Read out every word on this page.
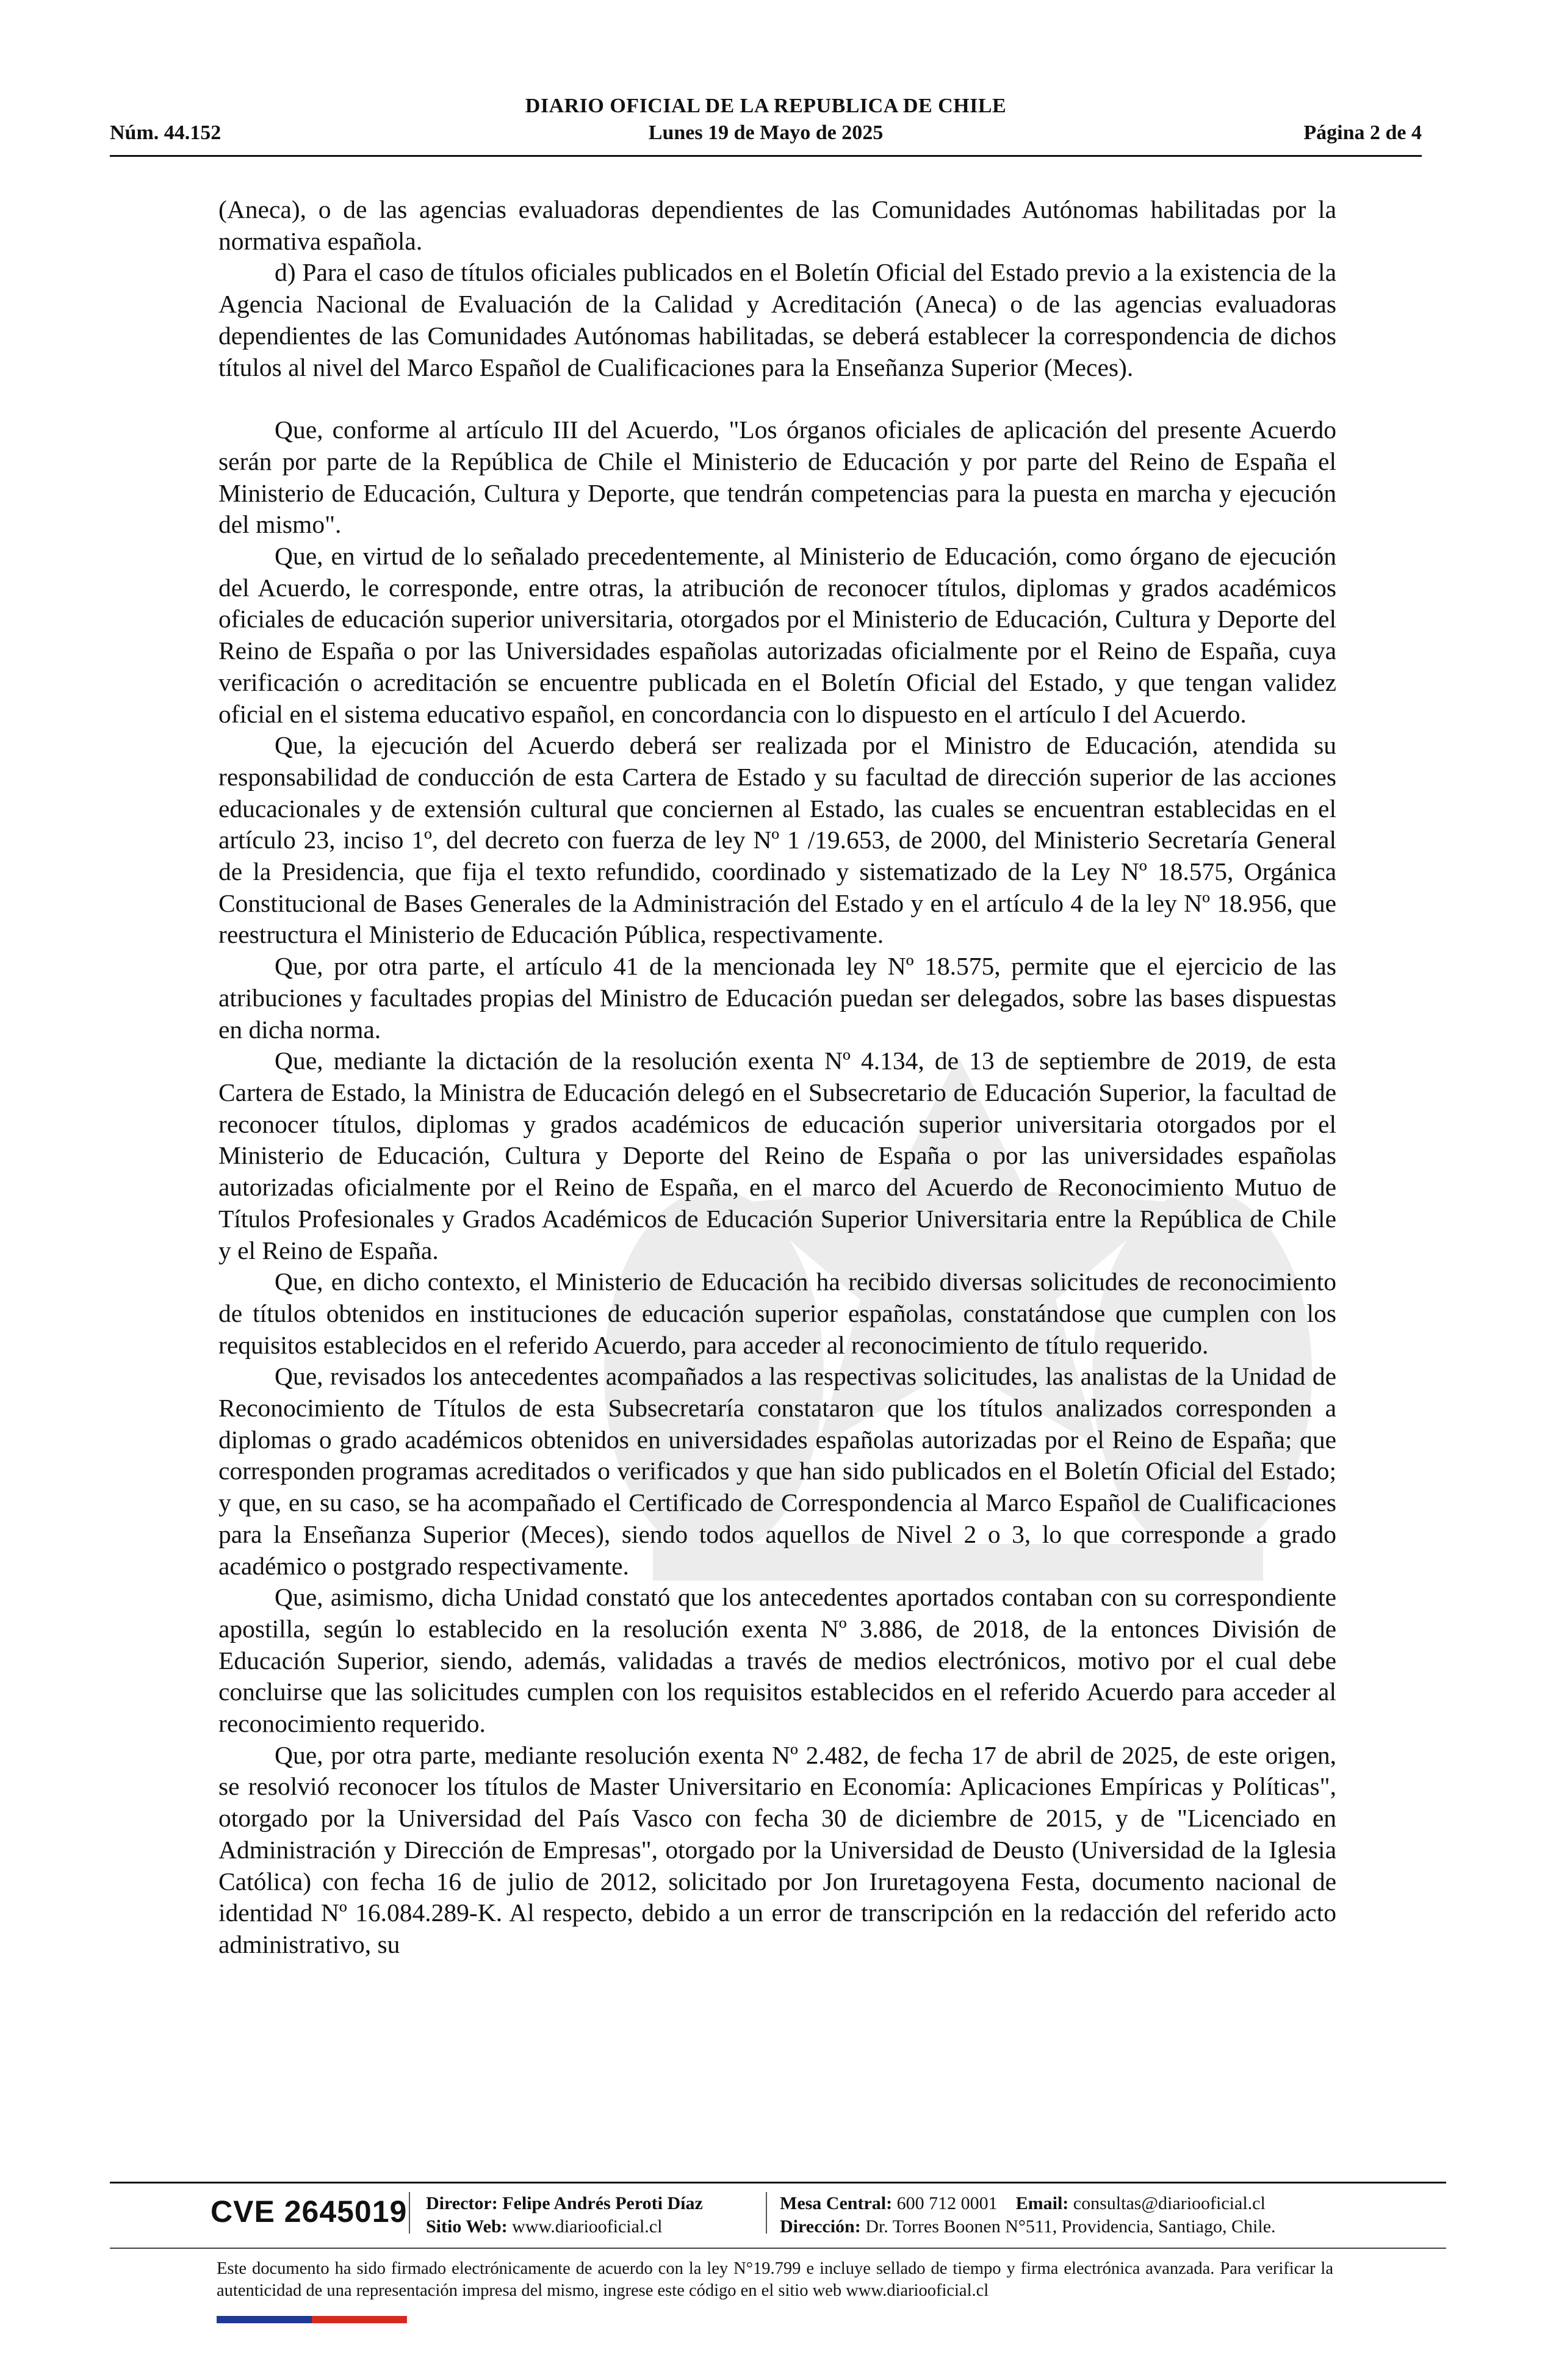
DIARIO OFICIAL DE LA REPUBLICA DE CHILE
Núm. 44.152	Lunes 19 de Mayo de 2025	Página 2 de 4

(Aneca), o de las agencias evaluadoras dependientes de las Comunidades Autónomas habilitadas por la normativa española.

d) Para el caso de títulos oficiales publicados en el Boletín Oficial del Estado previo a la existencia de la Agencia Nacional de Evaluación de la Calidad y Acreditación (Aneca) o de las agencias evaluadoras dependientes de las Comunidades Autónomas habilitadas, se deberá establecer la correspondencia de dichos títulos al nivel del Marco Español de Cualificaciones para la Enseñanza Superior (Meces).

Que, conforme al artículo III del Acuerdo, "Los órganos oficiales de aplicación del presente Acuerdo serán por parte de la República de Chile el Ministerio de Educación y por parte del Reino de España el Ministerio de Educación, Cultura y Deporte, que tendrán competencias para la puesta en marcha y ejecución del mismo".

Que, en virtud de lo señalado precedentemente, al Ministerio de Educación, como órgano de ejecución del Acuerdo, le corresponde, entre otras, la atribución de reconocer títulos, diplomas y grados académicos oficiales de educación superior universitaria, otorgados por el Ministerio de Educación, Cultura y Deporte del Reino de España o por las Universidades españolas autorizadas oficialmente por el Reino de España, cuya verificación o acreditación se encuentre publicada en el Boletín Oficial del Estado, y que tengan validez oficial en el sistema educativo español, en concordancia con lo dispuesto en el artículo I del Acuerdo.

Que, la ejecución del Acuerdo deberá ser realizada por el Ministro de Educación, atendida su responsabilidad de conducción de esta Cartera de Estado y su facultad de dirección superior de las acciones educacionales y de extensión cultural que conciernen al Estado, las cuales se encuentran establecidas en el artículo 23, inciso 1º, del decreto con fuerza de ley Nº 1 /19.653, de 2000, del Ministerio Secretaría General de la Presidencia, que fija el texto refundido, coordinado y sistematizado de la Ley Nº 18.575, Orgánica Constitucional de Bases Generales de la Administración del Estado y en el artículo 4 de la ley Nº 18.956, que reestructura el Ministerio de Educación Pública, respectivamente.

Que, por otra parte, el artículo 41 de la mencionada ley Nº 18.575, permite que el ejercicio de las atribuciones y facultades propias del Ministro de Educación puedan ser delegados, sobre las bases dispuestas en dicha norma.

Que, mediante la dictación de la resolución exenta Nº 4.134, de 13 de septiembre de 2019, de esta Cartera de Estado, la Ministra de Educación delegó en el Subsecretario de Educación Superior, la facultad de reconocer títulos, diplomas y grados académicos de educación superior universitaria otorgados por el Ministerio de Educación, Cultura y Deporte del Reino de España o por las universidades españolas autorizadas oficialmente por el Reino de España, en el marco del Acuerdo de Reconocimiento Mutuo de Títulos Profesionales y Grados Académicos de Educación Superior Universitaria entre la República de Chile y el Reino de España.

Que, en dicho contexto, el Ministerio de Educación ha recibido diversas solicitudes de reconocimiento de títulos obtenidos en instituciones de educación superior españolas, constatándose que cumplen con los requisitos establecidos en el referido Acuerdo, para acceder al reconocimiento de título requerido.

Que, revisados los antecedentes acompañados a las respectivas solicitudes, las analistas de la Unidad de Reconocimiento de Títulos de esta Subsecretaría constataron que los títulos analizados corresponden a diplomas o grado académicos obtenidos en universidades españolas autorizadas por el Reino de España; que corresponden programas acreditados o verificados y que han sido publicados en el Boletín Oficial del Estado; y que, en su caso, se ha acompañado el Certificado de Correspondencia al Marco Español de Cualificaciones para la Enseñanza Superior (Meces), siendo todos aquellos de Nivel 2 o 3, lo que corresponde a grado académico o postgrado respectivamente.

Que, asimismo, dicha Unidad constató que los antecedentes aportados contaban con su correspondiente apostilla, según lo establecido en la resolución exenta Nº 3.886, de 2018, de la entonces División de Educación Superior, siendo, además, validadas a través de medios electrónicos, motivo por el cual debe concluirse que las solicitudes cumplen con los requisitos establecidos en el referido Acuerdo para acceder al reconocimiento requerido.

Que, por otra parte, mediante resolución exenta Nº 2.482, de fecha 17 de abril de 2025, de este origen, se resolvió reconocer los títulos de Master Universitario en Economía: Aplicaciones Empíricas y Políticas", otorgado por la Universidad del País Vasco con fecha 30 de diciembre de 2015, y de "Licenciado en Administración y Dirección de Empresas", otorgado por la Universidad de Deusto (Universidad de la Iglesia Católica) con fecha 16 de julio de 2012, solicitado por Jon Iruretagoyena Festa, documento nacional de identidad Nº 16.084.289-K. Al respecto, debido a un error de transcripción en la redacción del referido acto administrativo, su

CVE 2645019 Director: Felipe Andrés Peroti Díaz
Sitio Web: www.diariooficial.cl
Mesa Central: 600 712 0001 Email: consultas@diariooficial.cl
Dirección: Dr. Torres Boonen N°511, Providencia, Santiago, Chile.
Este documento ha sido firmado electrónicamente de acuerdo con la ley N°19.799 e incluye sellado de tiempo y firma electrónica avanzada. Para verificar la autenticidad de una representación impresa del mismo, ingrese este código en el sitio web www.diariooficial.cl
